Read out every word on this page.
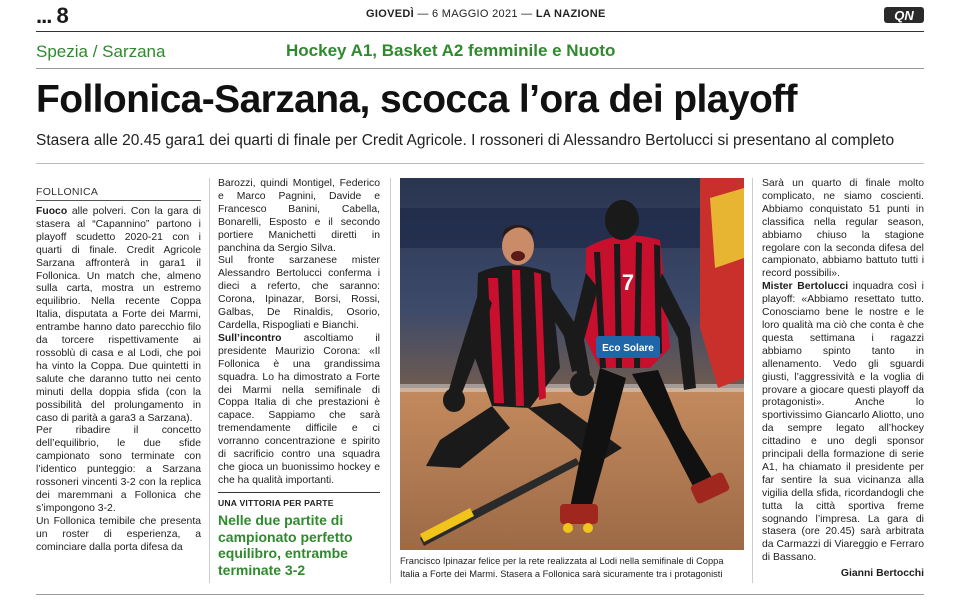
... 8	GIOVEDÌ — 6 MAGGIO 2021 — LA NAZIONE	QN
Spezia / Sarzana	Hockey A1, Basket A2 femminile e Nuoto
Follonica-Sarzana, scocca l’ora dei playoff
Stasera alle 20.45 gara1 dei quarti di finale per Credit Agricole. I rossoneri di Alessandro Bertolucci si presentano al completo
FOLLONICA

Fuoco alle polveri. Con la gara di stasera al “Capannino” partono i playoff scudetto 2020-21 con i quarti di finale. Credit Agricole Sarzana affronterà in gara1 il Follonica. Un match che, almeno sulla carta, mostra un estremo equilibrio. Nella recente Coppa Italia, disputata a Forte dei Marmi, entrambe hanno dato parecchio filo da torcere rispettivamente ai rossoblù di casa e al Lodi, che poi ha vinto la Coppa. Due quintetti in salute che daranno tutto nei cento minuti della doppia sfida (con la possibilità del prolungamento in caso di parità a gara3 a Sarzana).

Per ribadire il concetto dell’equilibrio, le due sfide campionato sono terminate con l’identico punteggio: a Sarzana rossoneri vincenti 3-2 con la replica dei maremmani a Follonica che s’impongono 3-2.

Un Follonica temibile che presenta un roster di esperienza, a cominciare dalla porta difesa da

Barozzi, quindi Montigel, Federico e Marco Pagnini, Davide e Francesco Banini, Cabella, Bonarelli, Esposto e il secondo portiere Manichetti diretti in panchina da Sergio Silva.

Sul fronte sarzanese mister Alessandro Bertolucci conferma i dieci a referto, che saranno: Corona, Ipinazar, Borsi, Rossi, Galbas, De Rinaldis, Osorio, Cardella, Rispogliati e Bianchi.

Sull’incontro ascoltiamo il presidente Maurizio Corona: «Il Follonica è una grandissima squadra. Lo ha dimostrato a Forte dei Marmi nella semifinale di Coppa Italia di che prestazioni è capace. Sappiamo che sarà tremendamente difficile e ci vorranno concentrazione e spirito di sacrificio contro una squadra che gioca un buonissimo hockey e che ha qualità importanti.

UNA VITTORIA PER PARTE
Nelle due partite di campionato perfetto equilibro, entrambe terminate 3-2
7
Eco Solare
Francisco Ipinazar felice per la rete realizzata al Lodi nella semifinale di Coppa Italia a Forte dei Marmi. Stasera a Follonica sarà sicuramente tra i protagonisti

Sarà un quarto di finale molto complicato, ne siamo coscienti. Abbiamo conquistato 51 punti in classifica nella regular season, abbiamo chiuso la stagione regolare con la seconda difesa del campionato, abbiamo battuto tutti i record possibili».

Mister Bertolucci inquadra così i playoff: «Abbiamo resettato tutto. Conosciamo bene le nostre e le loro qualità ma ciò che conta è che questa settimana i ragazzi abbiamo spinto tanto in allenamento. Vedo gli sguardi giusti, l’aggressività e la voglia di provare a giocare questi playoff da protagonisti». Anche lo sportivissimo Giancarlo Aliotto, uno da sempre legato all’hockey cittadino e uno degli sponsor principali della formazione di serie A1, ha chiamato il presidente per far sentire la sua vicinanza alla vigilia della sfida, ricordandogli che tutta la città sportiva freme sognando l’impresa. La gara di stasera (ore 20.45) sarà arbitrata da Carmazzi di Viareggio e Ferraro di Bassano.

Gianni Bertocchi
